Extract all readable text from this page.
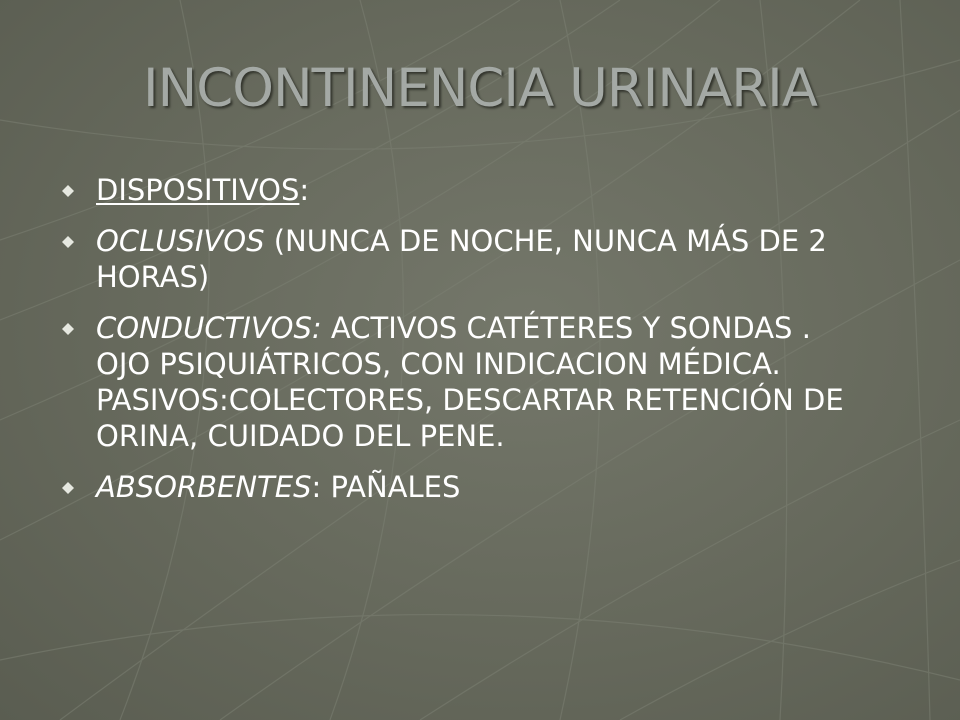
INCONTINENCIA URINARIA
DISPOSITIVOS:
OCLUSIVOS (NUNCA DE NOCHE, NUNCA MÁS DE 2 HORAS)
CONDUCTIVOS: ACTIVOS CATÉTERES Y SONDAS . OJO PSIQUIÁTRICOS, CON INDICACION MÉDICA. PASIVOS:COLECTORES, DESCARTAR RETENCIÓN DE ORINA, CUIDADO DEL PENE.
ABSORBENTES: PAÑALES
